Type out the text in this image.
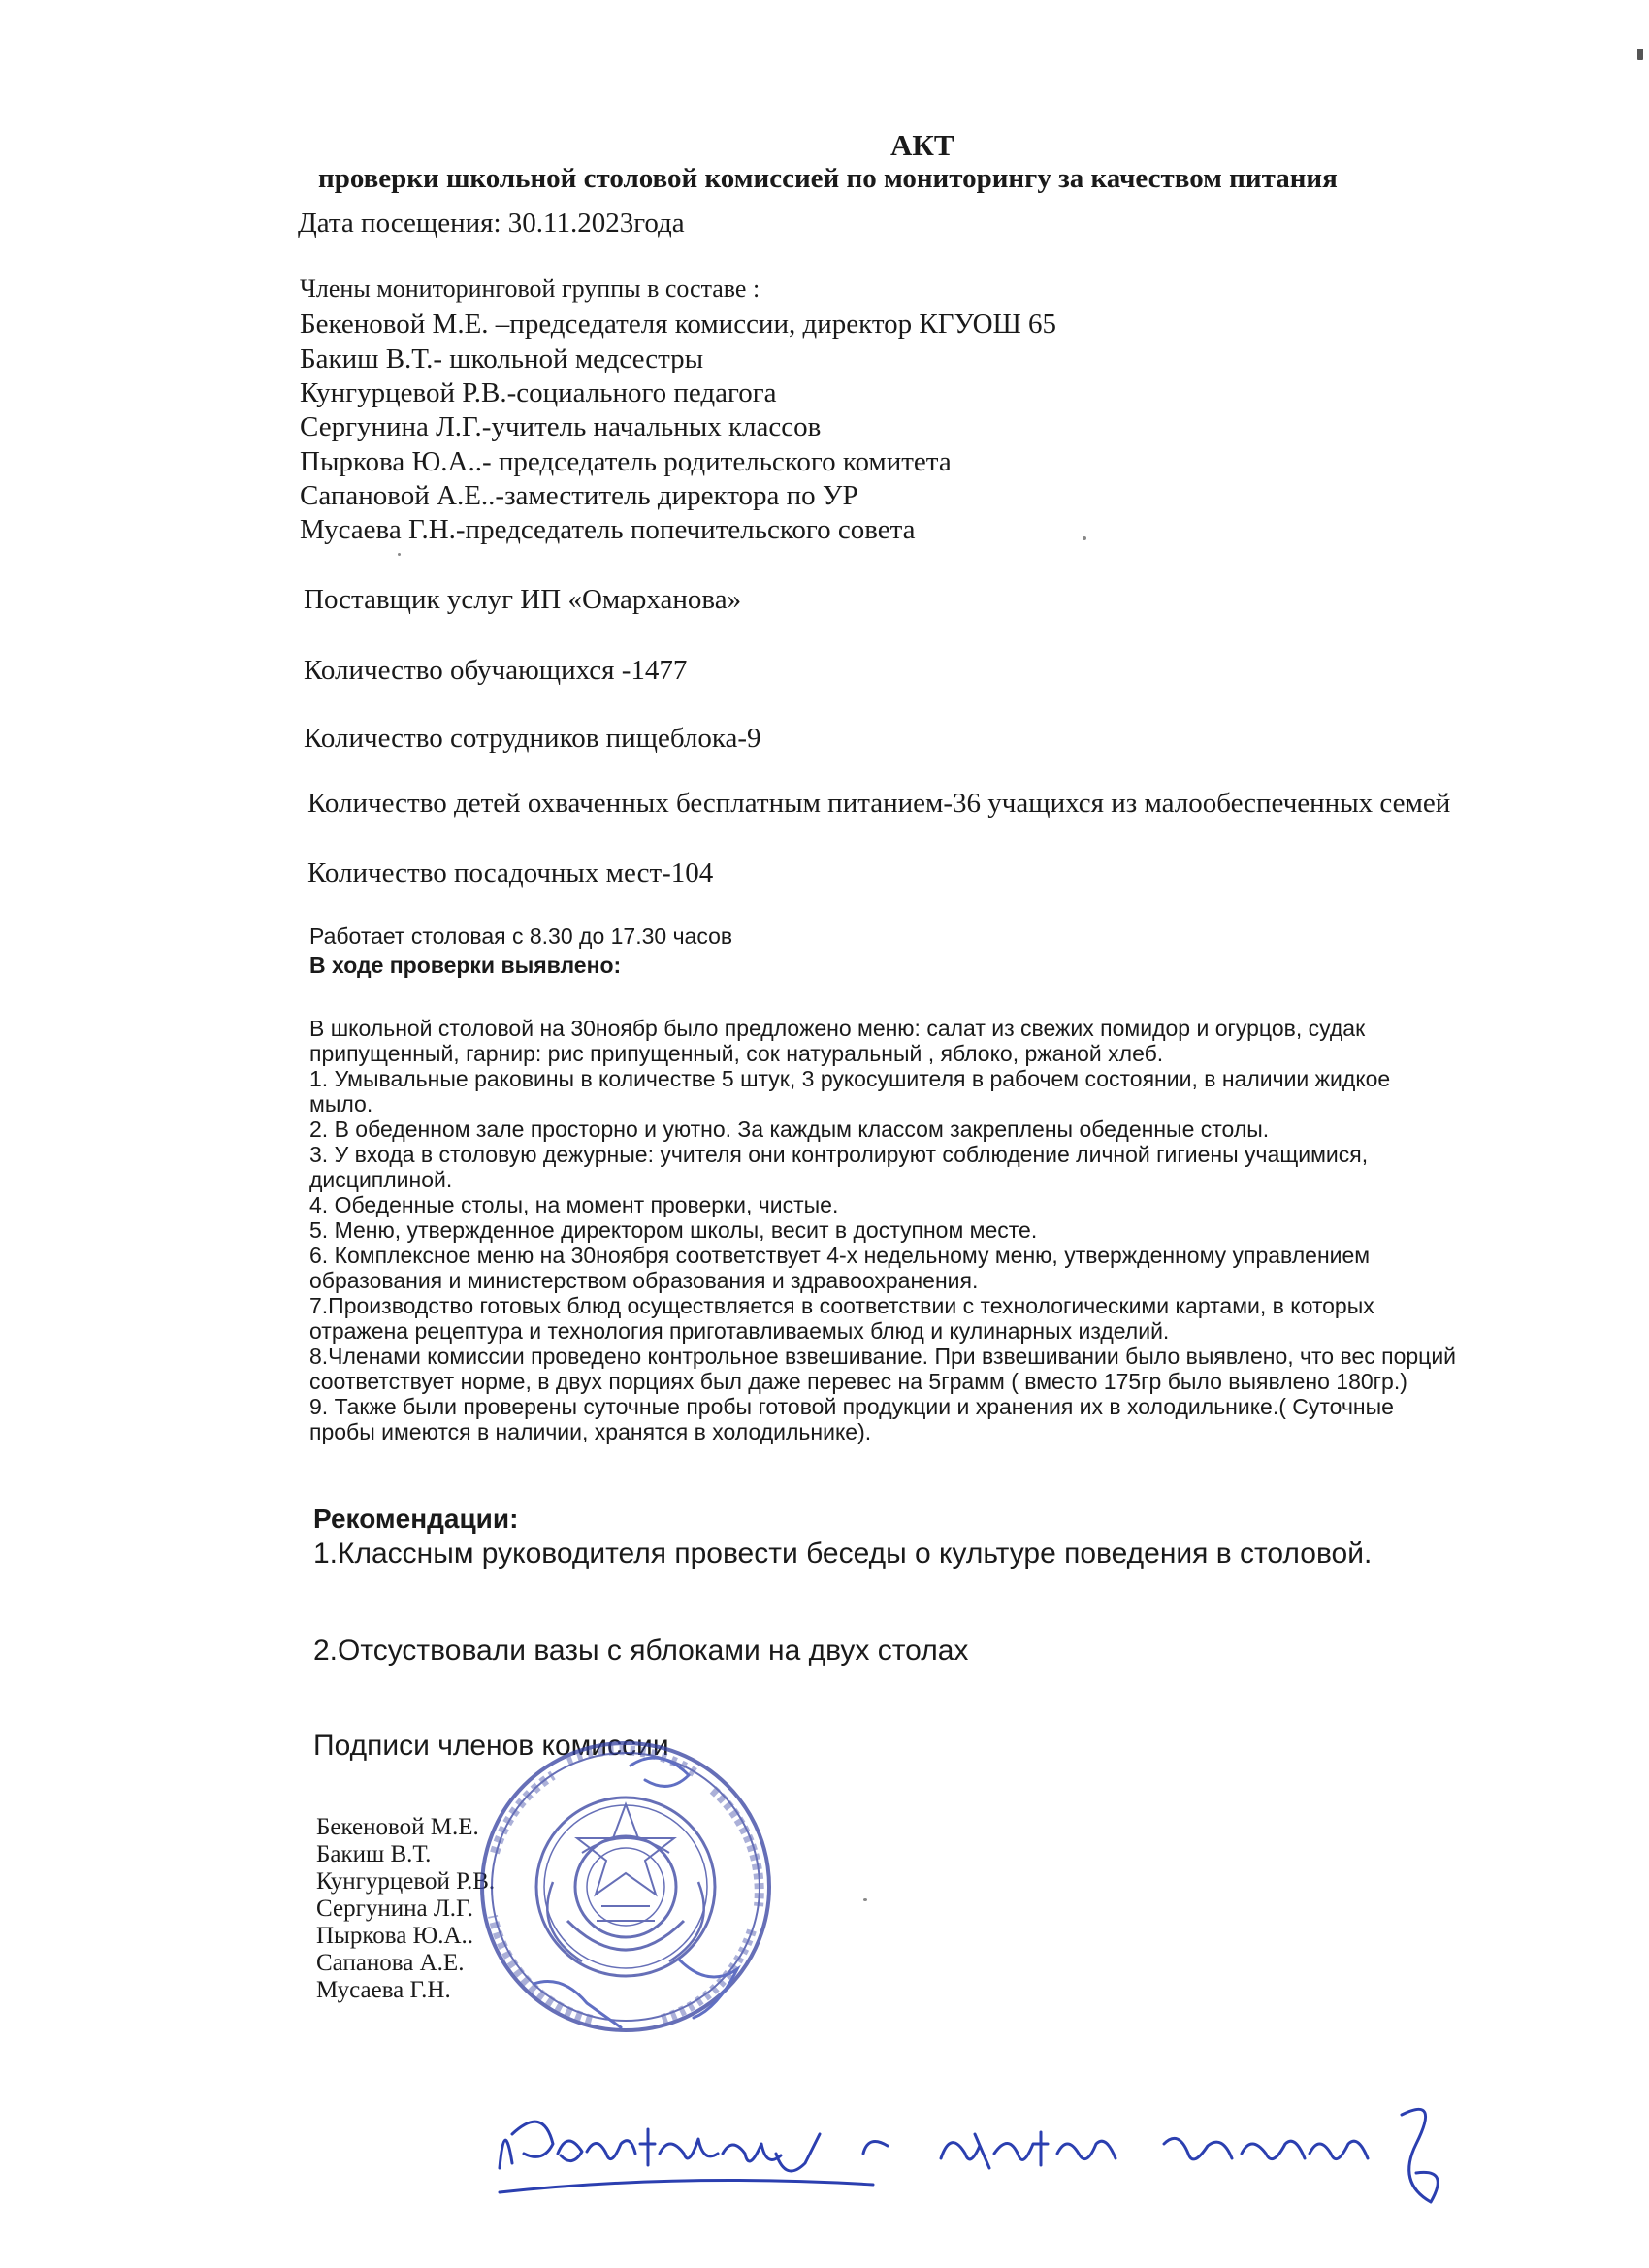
АКТ
проверки школьной столовой комиссией по мониторингу за качеством питания
Дата посещения: 30.11.2023года
Члены мониторинговой группы в составе :
Бекеновой М.Е. –председателя комиссии, директор КГУОШ 65
Бакиш В.Т.- школьной медсестры
Кунгурцевой Р.В.-социального педагога
Сергунина Л.Г.-учитель начальных классов
Пыркова Ю.А..- председатель родительского комитета
Сапановой А.Е..-заместитель директора по УР
Мусаева Г.Н.-председатель попечительского совета
Поставщик услуг ИП «Омарханова»
Количество обучающихся -1477
Количество сотрудников пищеблока-9
Количество детей охваченных бесплатным питанием-36 учащихся из малообеспеченных семей
Количество посадочных мест-104
Работает столовая с 8.30 до 17.30 часов
В ходе проверки выявлено:
В школьной столовой на 30ноябр было предложено меню: салат из свежих помидор и огурцов, судак
припущенный, гарнир: рис припущенный, сок натуральный , яблоко, ржаной хлеб.
1. Умывальные раковины в количестве 5 штук, 3 рукосушителя в рабочем состоянии, в наличии жидкое
мыло.
2. В обеденном зале просторно и уютно. За каждым классом закреплены обеденные столы.
3. У входа в столовую дежурные: учителя они контролируют соблюдение личной гигиены учащимися,
дисциплиной.
4. Обеденные столы, на момент проверки, чистые.
5. Меню, утвержденное директором школы, весит в доступном месте.
6. Комплексное меню на 30ноября соответствует 4-х недельному меню, утвержденному управлением
образования и министерством образования и здравоохранения.
7.Производство готовых блюд осуществляется в соответствии с технологическими картами, в которых
отражена рецептура и технология приготавливаемых блюд и кулинарных изделий.
8.Членами комиссии проведено контрольное взвешивание. При взвешивании было выявлено, что вес порций
соответствует норме, в двух порциях был даже перевес на 5грамм ( вместо 175гр было выявлено 180гр.)
9. Также были проверены суточные пробы готовой продукции и хранения их в холодильнике.( Суточные
пробы имеются в наличии, хранятся в холодильнике).
Рекомендации:
1.Классным руководителя провести беседы о культуре поведения в столовой.
2.Отсуствовали вазы с яблоками на двух столах
Подписи членов комиссии
Бекеновой М.Е.
Бакиш В.Т.
Кунгурцевой Р.В.
Сергунина Л.Г.
Пыркова Ю.А..
Сапанова А.Е.
Мусаева Г.Н.
